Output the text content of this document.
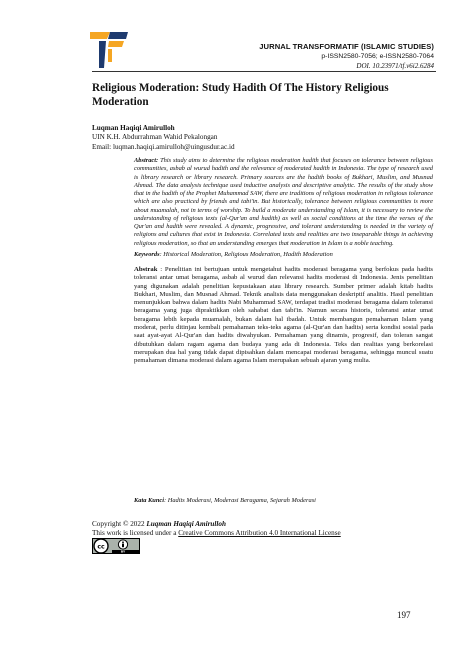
JURNAL TRANSFORMATIF (ISLAMIC STUDIES)
p-ISSN2580-7056; e-ISSN2580-7064
DOI. 10.23971/tf.v6i2.6284
Religious Moderation: Study Hadith Of The History Religious Moderation
Luqman Haqiqi Amirulloh
UIN K.H. Abdurrahman Wahid Pekalongan
Email: luqman.haqiqi.amirulloh@uingusdur.ac.id
Abstract: This study aims to determine the religious moderation hadith that focuses on tolerance between religious communities, asbab al wurud hadith and the relevance of moderated hadith in Indonesia. The type of research used is library research or library research. Primary sources are the hadith books of Bukhari, Muslim, and Musnad Ahmad. The data analysis technique used inductive analysis and descriptive analytic. The results of the study show that in the hadith of the Prophet Muhammad SAW, there are traditions of religious moderation in religious tolerance which are also practiced by friends and tabi'in. But historically, tolerance between religious communities is more about muamalah, not in terms of worship. To build a moderate understanding of Islam, it is necessary to review the understanding of religious texts (al-Qur'an and hadith) as well as social conditions at the time the verses of the Qur'an and hadith were revealed. A dynamic, progressive, and tolerant understanding is needed in the variety of religions and cultures that exist in Indonesia. Correlated texts and realities are two inseparable things in achieving religious moderation, so that an understanding emerges that moderation in Islam is a noble teaching.
Keywords: Historical Moderation, Religious Moderation, Hadith Moderation
Abstrak : Penelitian ini bertujuan untuk mengetahui hadits moderasi beragama yang berfokus pada hadits toleransi antar umat beragama, asbab al wurud dan relevansi hadits moderasi di Indonesia. Jenis penelitian yang digunakan adalah penelitian kepustakaan atau library research. Sumber primer adalah kitab hadits Bukhari, Muslim, dan Musnad Ahmad. Teknik analisis data menggunakan deskriptif analitis. Hasil penelitian menunjukkan bahwa dalam hadits Nabi Muhammad SAW, terdapat tradisi moderasi beragama dalam toleransi beragama yang juga dipraktikkan oleh sahabat dan tabi'in. Namun secara historis, toleransi antar umat beragama lebih kepada muamalah, bukan dalam hal ibadah. Untuk membangun pemahaman Islam yang moderat, perlu ditinjau kembali pemahaman teks-teks agama (al-Qur'an dan hadits) serta kondisi sosial pada saat ayat-ayat Al-Qur'an dan hadits diwahyukan. Pemahaman yang dinamis, progresif, dan toleran sangat dibutuhkan dalam ragam agama dan budaya yang ada di Indonesia. Teks dan realitas yang berkorelasi merupakan dua hal yang tidak dapat dipisahkan dalam mencapai moderasi beragama, sehingga muncul suatu pemahaman dimana moderasi dalam agama Islam merupakan sebuah ajaran yang mulia.
Kata Kunci: Hadits Moderasi, Moderasi Beragama, Sejarah Moderasi
Copyright © 2022 Luqman Haqiqi Amirulloh
This work is licensed under a Creative Commons Attribution 4.0 International License
cc
BY
197
